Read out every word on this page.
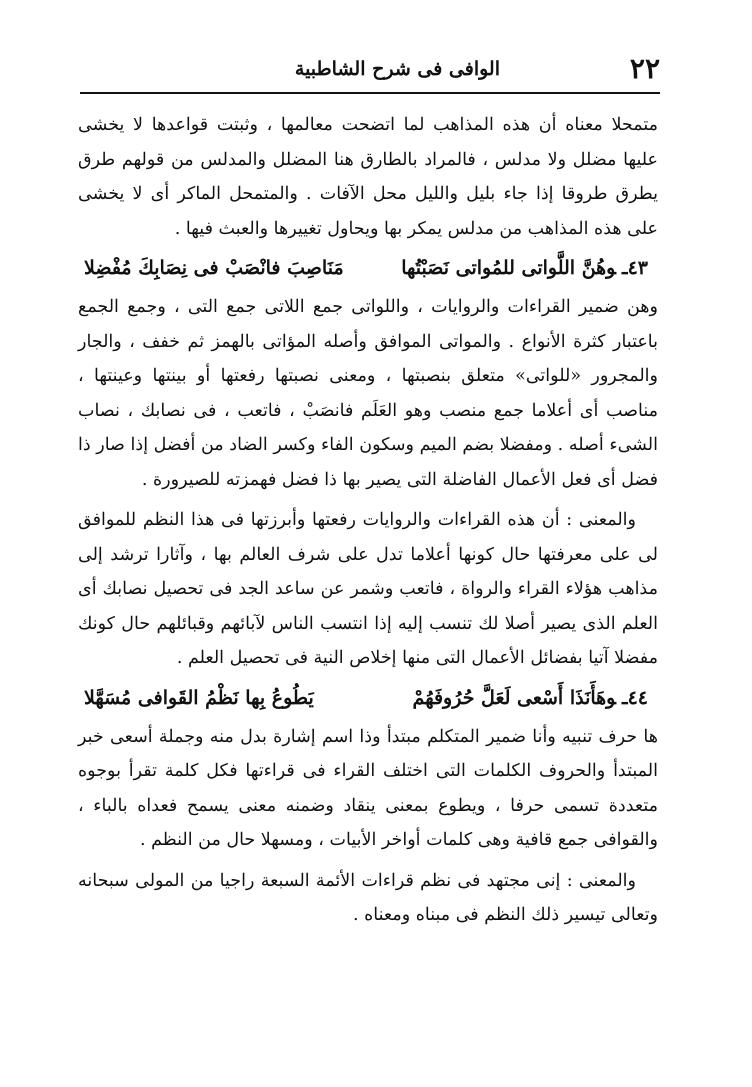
٢٢
الوافى فى شرح الشاطبية

متمحلا معناه أن هذه المذاهب لما اتضحت معالمها ، وثبتت قواعدها لا يخشى عليها مضلل ولا مدلس ، فالمراد بالطارق هنا المضلل والمدلس من قولهم طرق يطرق طروقا إذا جاء بليل والليل محل الآفات . والمتمحل الماكر أى لا يخشى على هذه المذاهب من مدلس يمكر بها ويحاول تغييرها والعبث فيها .

٤٣ـوهُنَّ اللَّواتى للمُواتى نَصَبْتُها
مَنَاصِبَ فانْصَبْ فى نِصَابِكَ مُفْضِلا

وهن ضمير القراءات والروايات ، واللواتى جمع اللاتى جمع التى ، وجمع الجمع باعتبار كثرة الأنواع . والمواتى الموافق وأصله المؤاتى بالهمز ثم خفف ، والجار والمجرور «للواتى» متعلق بنصبتها ، ومعنى نصبتها رفعتها أو بينتها وعينتها ، مناصب أى أعلاما جمع منصب وهو العَلَم فانصَبْ ، فاتعب ، فى نصابك ، نصاب الشىء أصله . ومفضلا بضم الميم وسكون الفاء وكسر الضاد من أفضل إذا صار ذا فضل أى فعل الأعمال الفاضلة التى يصير بها ذا فضل فهمزته للصيرورة .

والمعنى : أن هذه القراءات والروايات رفعتها وأبرزتها فى هذا النظم للموافق لى على معرفتها حال كونها أعلاما تدل على شرف العالم بها ، وآثارا ترشد إلى مذاهب هؤلاء القراء والرواة ، فاتعب وشمر عن ساعد الجد فى تحصيل نصابك أى العلم الذى يصير أصلا لك تنسب إليه إذا انتسب الناس لآبائهم وقبائلهم حال كونك مفضلا آتيا بفضائل الأعمال التى منها إخلاص النية فى تحصيل العلم .

٤٤ـوهَأَنَذَا أَسْعى لَعَلَّ حُرُوفَهُمْ
يَطُوعُ بِها نَظْمُ القَوافى مُسَهَّلا

ها حرف تنبيه وأنا ضمير المتكلم مبتدأ وذا اسم إشارة بدل منه وجملة أسعى خبر المبتدأ والحروف الكلمات التى اختلف القراء فى قراءتها فكل كلمة تقرأ بوجوه متعددة تسمى حرفا ، ويطوع بمعنى ينقاد وضمنه معنى يسمح فعداه بالباء ، والقوافى جمع قافية وهى كلمات أواخر الأبيات ، ومسهلا حال من النظم .

والمعنى : إنى مجتهد فى نظم قراءات الأئمة السبعة راجيا من المولى سبحانه وتعالى تيسير ذلك النظم فى مبناه ومعناه .
